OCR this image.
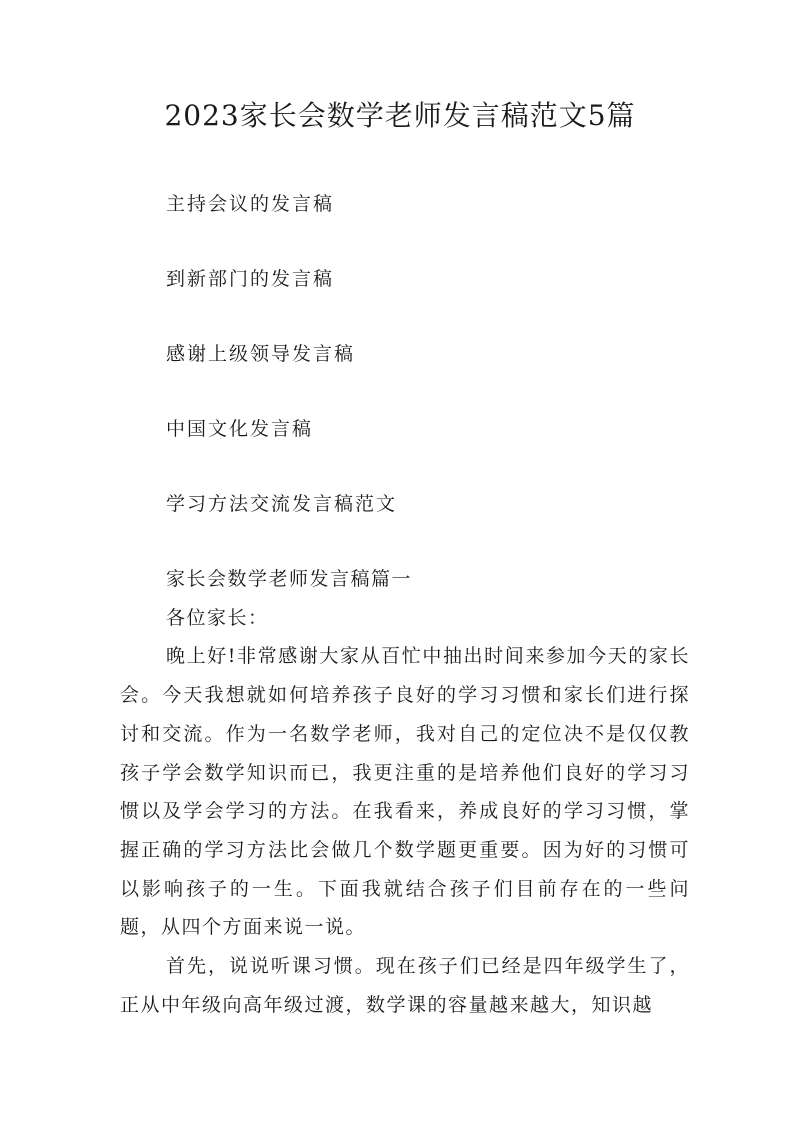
2023家长会数学老师发言稿范文5篇
主持会议的发言稿
到新部门的发言稿
感谢上级领导发言稿
中国文化发言稿
学习方法交流发言稿范文

家长会数学老师发言稿篇一

各位家长：

晚上好!非常感谢大家从百忙中抽出时间来参加今天的家长会。今天我想就如何培养孩子良好的学习习惯和家长们进行探讨和交流。作为一名数学老师，我对自己的定位决不是仅仅教孩子学会数学知识而已，我更注重的是培养他们良好的学习习惯以及学会学习的方法。在我看来，养成良好的学习习惯，掌握正确的学习方法比会做几个数学题更重要。因为好的习惯可以影响孩子的一生。下面我就结合孩子们目前存在的一些问题，从四个方面来说一说。

首先，说说听课习惯。现在孩子们已经是四年级学生了，正从中年级向高年级过渡，数学课的容量越来越大，知识越
